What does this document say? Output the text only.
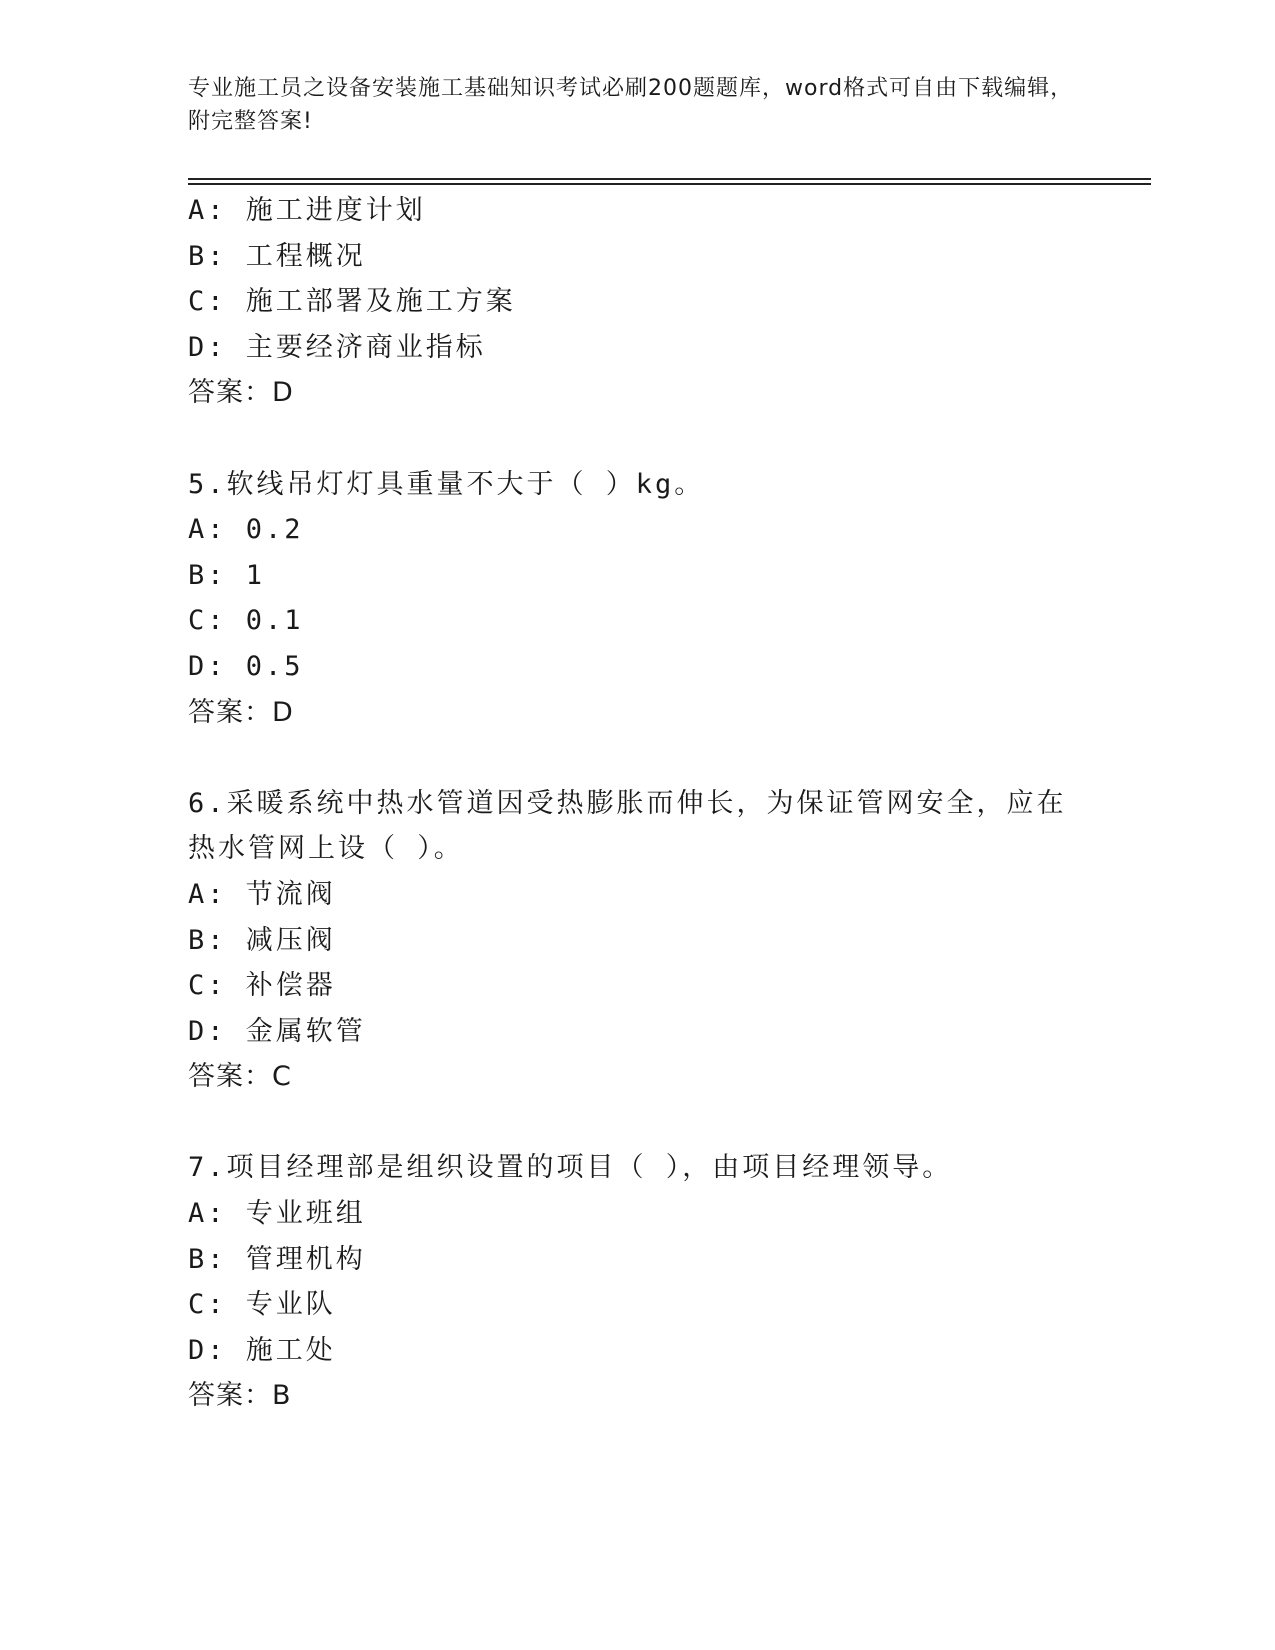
专业施工员之设备安装施工基础知识考试必刷200题题库，word格式可自由下载编辑，附完整答案!
A: 施工进度计划
B: 工程概况
C: 施工部署及施工方案
D: 主要经济商业指标
答案：D
5.软线吊灯灯具重量不大于（ ）kg。
A: 0.2
B: 1
C: 0.1
D: 0.5
答案：D
6.采暖系统中热水管道因受热膨胀而伸长，为保证管网安全，应在热水管网上设（ ）。
A: 节流阀
B: 减压阀
C: 补偿器
D: 金属软管
答案：C
7.项目经理部是组织设置的项目（ ），由项目经理领导。
A: 专业班组
B: 管理机构
C: 专业队
D: 施工处
答案：B
